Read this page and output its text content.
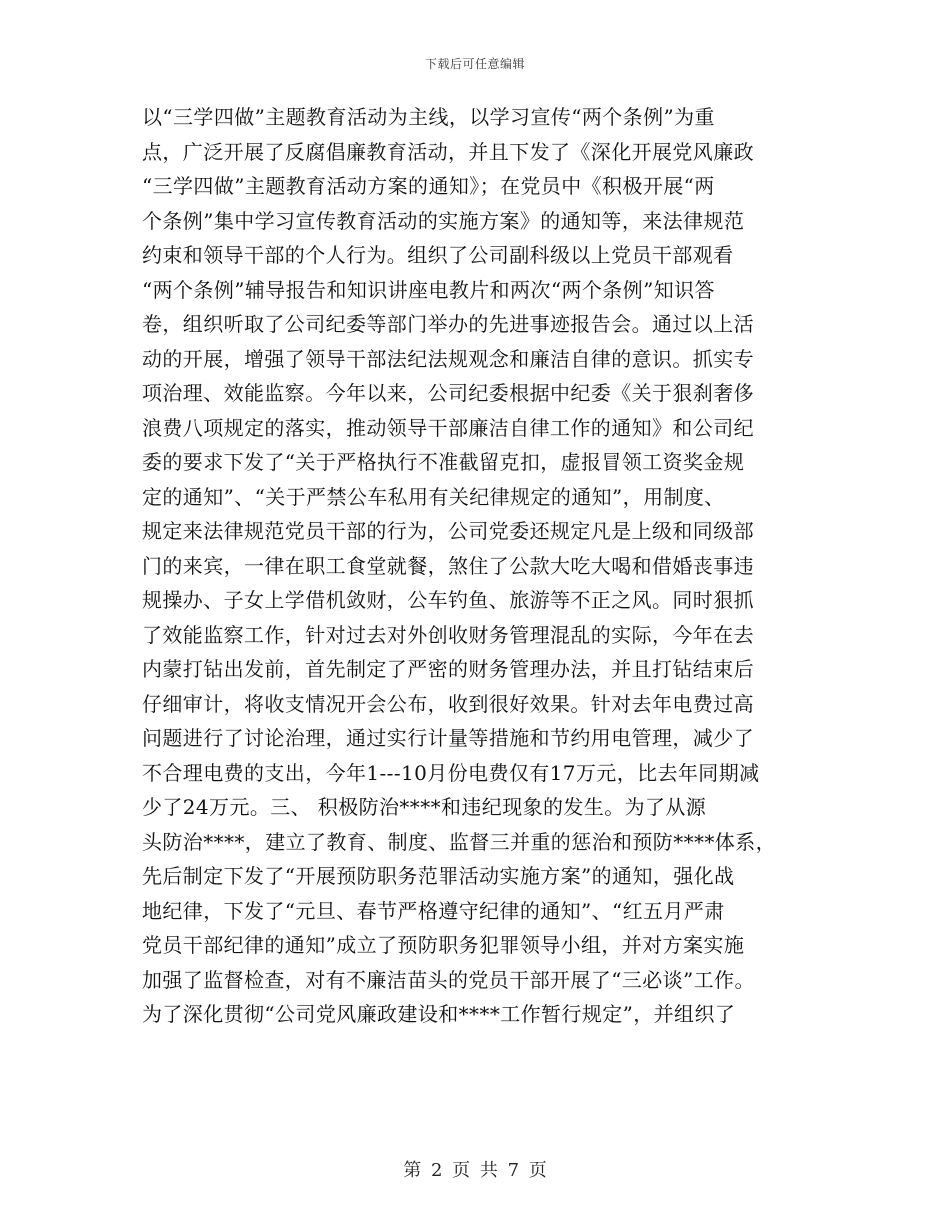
下载后可任意编辑
以“三学四做”主题教育活动为主线，以学习宣传“两个条例”为重
点，广泛开展了反腐倡廉教育活动，并且下发了《深化开展党风廉政
“三学四做”主题教育活动方案的通知》；在党员中《积极开展“两
个条例”集中学习宣传教育活动的实施方案》的通知等，来法律规范
约束和领导干部的个人行为。组织了公司副科级以上党员干部观看
“两个条例”辅导报告和知识讲座电教片和两次“两个条例”知识答
卷，组织听取了公司纪委等部门举办的先进事迹报告会。通过以上活
动的开展，增强了领导干部法纪法规观念和廉洁自律的意识。抓实专
项治理、效能监察。今年以来，公司纪委根据中纪委《关于狠刹奢侈
浪费八项规定的落实，推动领导干部廉洁自律工作的通知》和公司纪
委的要求下发了“关于严格执行不准截留克扣，虚报冒领工资奖金规
定的通知”、“关于严禁公车私用有关纪律规定的通知”，用制度、
规定来法律规范党员干部的行为，公司党委还规定凡是上级和同级部
门的来宾，一律在职工食堂就餐，煞住了公款大吃大喝和借婚丧事违
规操办、子女上学借机敛财，公车钓鱼、旅游等不正之风。同时狠抓
了效能监察工作，针对过去对外创收财务管理混乱的实际，今年在去
内蒙打钻出发前，首先制定了严密的财务管理办法，并且打钻结束后
仔细审计，将收支情况开会公布，收到很好效果。针对去年电费过高
问题进行了讨论治理，通过实行计量等措施和节约用电管理，减少了
不合理电费的支出，今年1---10月份电费仅有17万元，比去年同期减
少了24万元。三、 积极防治****和违纪现象的发生。为了从源
头防治****，建立了教育、制度、监督三并重的惩治和预防****体系，
先后制定下发了“开展预防职务范罪活动实施方案”的通知，强化战
地纪律，下发了“元旦、春节严格遵守纪律的通知”、“红五月严肃
党员干部纪律的通知”成立了预防职务犯罪领导小组，并对方案实施
加强了监督检查，对有不廉洁苗头的党员干部开展了“三必谈”工作。
为了深化贯彻“公司党风廉政建设和****工作暂行规定”，并组织了
第 2 页 共 7 页
